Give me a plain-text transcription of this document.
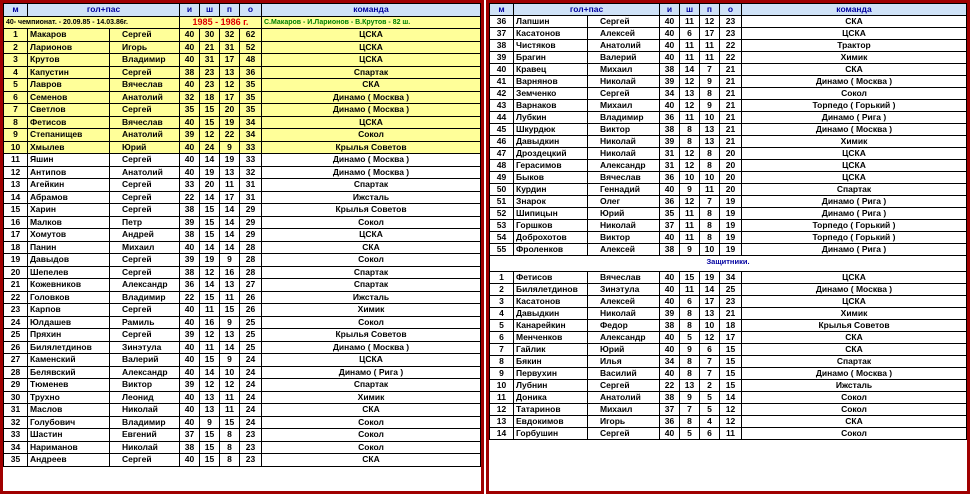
м	гол+пас		и	ш	п	о	команда
40- чемпионат. - 20.09.85 - 14.03.86г.			1985 - 1986 г.				С.Макаров - И.Ларионов - В.Крутов - 82 ш.
1	Макаров	Сергей	40	30	32	62	ЦСКА
2	Ларионов	Игорь	40	21	31	52	ЦСКА
3	Крутов	Владимир	40	31	17	48	ЦСКА
4	Капустин	Сергей	38	23	13	36	Спартак
5	Лавров	Вячеслав	40	23	12	35	СКА
6	Семенов	Анатолий	32	18	17	35	Динамо ( Москва )
7	Светлов	Сергей	35	15	20	35	Динамо ( Москва )
8	Фетисов	Вячеслав	40	15	19	34	ЦСКА
9	Степанищев	Анатолий	39	12	22	34	Сокол
10	Хмылев	Юрий	40	24	9	33	Крылья Советов
11	Яшин	Сергей	40	14	19	33	Динамо ( Москва )
12	Антипов	Анатолий	40	19	13	32	Динамо ( Москва )
13	Агейкин	Сергей	33	20	11	31	Спартак
14	Абрамов	Сергей	22	14	17	31	Ижсталь
15	Харин	Сергей	38	15	14	29	Крылья Советов
16	Малков	Петр	39	15	14	29	Сокол
17	Хомутов	Андрей	38	15	14	29	ЦСКА
18	Панин	Михаил	40	14	14	28	СКА
19	Давыдов	Сергей	39	19	9	28	Сокол
20	Шепелев	Сергей	38	12	16	28	Спартак
21	Кожевников	Александр	36	14	13	27	Спартак
22	Головков	Владимир	22	15	11	26	Ижсталь
23	Карпов	Сергей	40	11	15	26	Химик
24	Юлдашев	Рамиль	40	16	9	25	Сокол
25	Пряхин	Сергей	39	12	13	25	Крылья Советов
26	Билялетдинов	Зинэтула	40	11	14	25	Динамо ( Москва )
27	Каменский	Валерий	40	15	9	24	ЦСКА
28	Белявский	Александр	40	14	10	24	Динамо ( Рига )
29	Тюменев	Виктор	39	12	12	24	Спартак
30	Трухно	Леонид	40	13	11	24	Химик
31	Маслов	Николай	40	13	11	24	СКА
32	Голубович	Владимир	40	9	15	24	Сокол
33	Шастин	Евгений	37	15	8	23	Сокол
34	Нариманов	Николай	38	15	8	23	Сокол
35	Андреев	Сергей	40	15	8	23	СКА
м	гол+пас		и	ш	п	о	команда
36	Лапшин	Сергей	40	11	12	23	СКА
37	Касатонов	Алексей	40	6	17	23	ЦСКА
38	Чистяков	Анатолий	40	11	11	22	Трактор
39	Брагин	Валерий	40	11	11	22	Химик
40	Кравец	Михаил	38	14	7	21	СКА
41	Варнянов	Николай	39	12	9	21	Динамо ( Москва )
42	Земченко	Сергей	34	13	8	21	Сокол
43	Варнаков	Михаил	40	12	9	21	Торпедо ( Горький )
44	Лубкин	Владимир	36	11	10	21	Динамо ( Рига )
45	Шкурдюк	Виктор	38	8	13	21	Динамо ( Москва )
46	Давыдкин	Николай	39	8	13	21	Химик
47	Дроздецкий	Николай	31	12	8	20	ЦСКА
48	Герасимов	Александр	31	12	8	20	ЦСКА
49	Быков	Вячеслав	36	10	10	20	ЦСКА
50	Курдин	Геннадий	40	9	11	20	Спартак
51	Знарок	Олег	36	12	7	19	Динамо ( Рига )
52	Шипицын	Юрий	35	11	8	19	Динамо ( Рига )
53	Горшков	Николай	37	11	8	19	Торпедо ( Горький )
54	Доброхотов	Виктор	40	11	8	19	Торпедо ( Горький )
55	Фроленков	Алексей	38	9	10	19	Динамо ( Рига )
Защитники.							

1	Фетисов	Вячеслав	40	15	19	34	ЦСКА
2	Билялетдинов	Зинэтула	40	11	14	25	Динамо ( Москва )
3	Касатонов	Алексей	40	6	17	23	ЦСКА
4	Давыдкин	Николай	39	8	13	21	Химик
5	Канарейкин	Федор	38	8	10	18	Крылья Советов
6	Менченков	Александр	40	5	12	17	СКА
7	Гайлик	Юрий	40	9	6	15	СКА
8	Бякин	Илья	34	8	7	15	Спартак
9	Первухин	Василий	40	8	7	15	Динамо ( Москва )
10	Лубнин	Сергей	22	13	2	15	Ижсталь
11	Доника	Анатолий	38	9	5	14	Сокол
12	Татаринов	Михаил	37	7	5	12	Сокол
13	Евдокимов	Игорь	36	8	4	12	СКА
14	Горбушин	Сергей	40	5	6	11	Сокол
